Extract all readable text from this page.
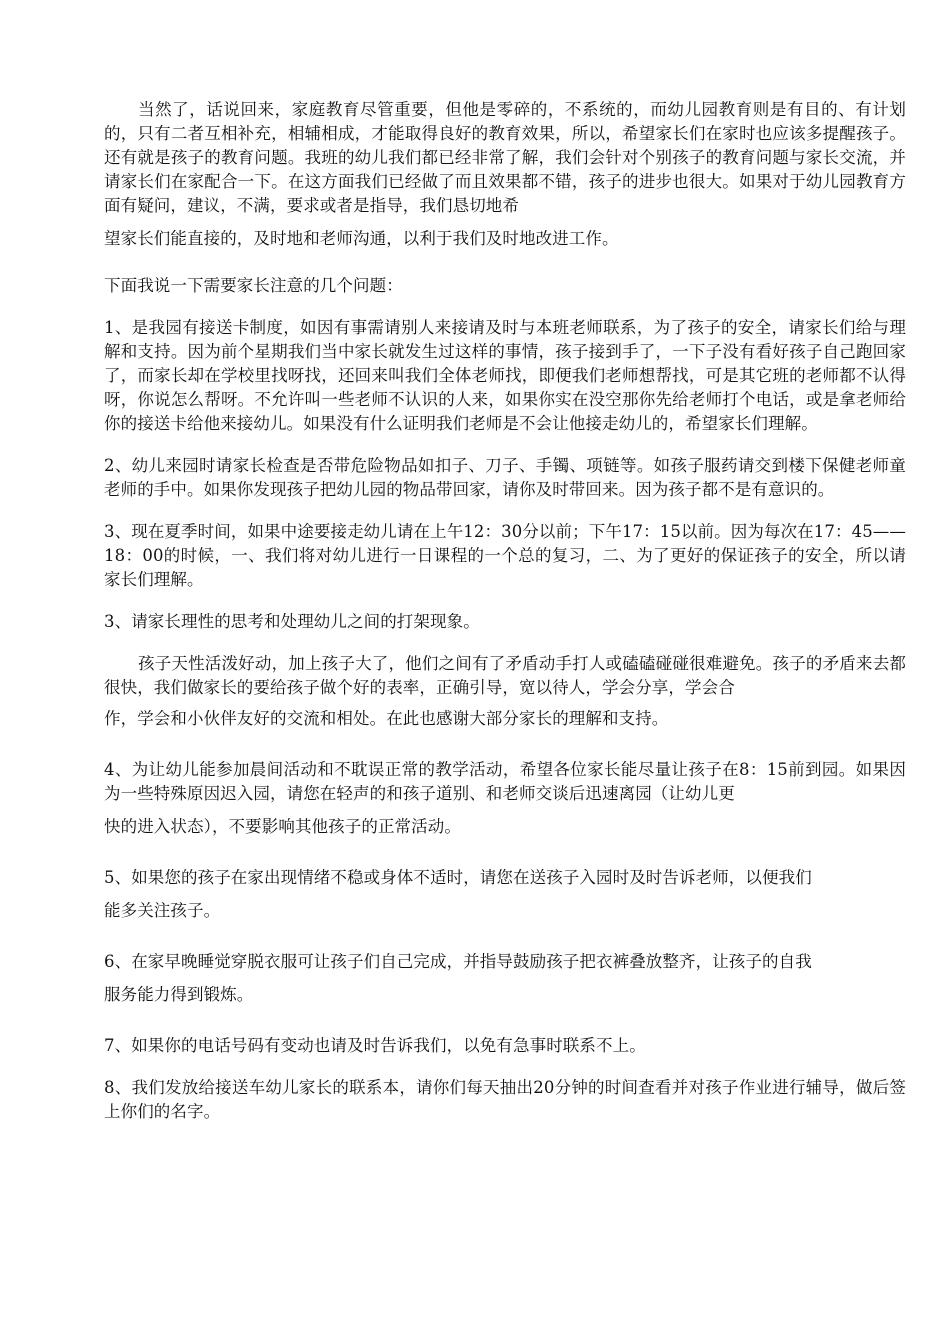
当然了，话说回来，家庭教育尽管重要，但他是零碎的，不系统的，而幼儿园教育则是有目的、有计划的，只有二者互相补充，相辅相成，才能取得良好的教育效果，所以，希望家长们在家时也应该多提醒孩子。还有就是孩子的教育问题。我班的幼儿我们都已经非常了解，我们会针对个别孩子的教育问题与家长交流，并请家长们在家配合一下。在这方面我们已经做了而且效果都不错，孩子的进步也很大。如果对于幼儿园教育方面有疑问，建议，不满，要求或者是指导，我们恳切地希

望家长们能直接的，及时地和老师沟通，以利于我们及时地改进工作。

下面我说一下需要家长注意的几个问题：

1、是我园有接送卡制度，如因有事需请别人来接请及时与本班老师联系，为了孩子的安全，请家长们给与理解和支持。因为前个星期我们当中家长就发生过这样的事情，孩子接到手了，一下子没有看好孩子自己跑回家了，而家长却在学校里找呀找，还回来叫我们全体老师找，即便我们老师想帮找，可是其它班的老师都不认得呀，你说怎么帮呀。不允许叫一些老师不认识的人来，如果你实在没空那你先给老师打个电话，或是拿老师给你的接送卡给他来接幼儿。如果没有什么证明我们老师是不会让他接走幼儿的，希望家长们理解。

2、幼儿来园时请家长检查是否带危险物品如扣子、刀子、手镯、项链等。如孩子服药请交到楼下保健老师童老师的手中。如果你发现孩子把幼儿园的物品带回家，请你及时带回来。因为孩子都不是有意识的。

3、现在夏季时间，如果中途要接走幼儿请在上午12：30分以前；下午17：15以前。因为每次在17：45——18：00的时候，一、我们将对幼儿进行一日课程的一个总的复习，二、为了更好的保证孩子的安全，所以请家长们理解。

3、请家长理性的思考和处理幼儿之间的打架现象。

孩子天性活泼好动，加上孩子大了，他们之间有了矛盾动手打人或磕磕碰碰很难避免。孩子的矛盾来去都很快，我们做家长的要给孩子做个好的表率，正确引导，宽以待人，学会分享，学会合

作，学会和小伙伴友好的交流和相处。在此也感谢大部分家长的理解和支持。

4、为让幼儿能参加晨间活动和不耽误正常的教学活动，希望各位家长能尽量让孩子在8：15前到园。如果因为一些特殊原因迟入园，请您在轻声的和孩子道别、和老师交谈后迅速离园（让幼儿更

快的进入状态），不要影响其他孩子的正常活动。

5、如果您的孩子在家出现情绪不稳或身体不适时，请您在送孩子入园时及时告诉老师，以便我们

能多关注孩子。

6、在家早晚睡觉穿脱衣服可让孩子们自己完成，并指导鼓励孩子把衣裤叠放整齐，让孩子的自我

服务能力得到锻炼。

7、如果你的电话号码有变动也请及时告诉我们，以免有急事时联系不上。

8、我们发放给接送车幼儿家长的联系本，请你们每天抽出20分钟的时间查看并对孩子作业进行辅导，做后签上你们的名字。
